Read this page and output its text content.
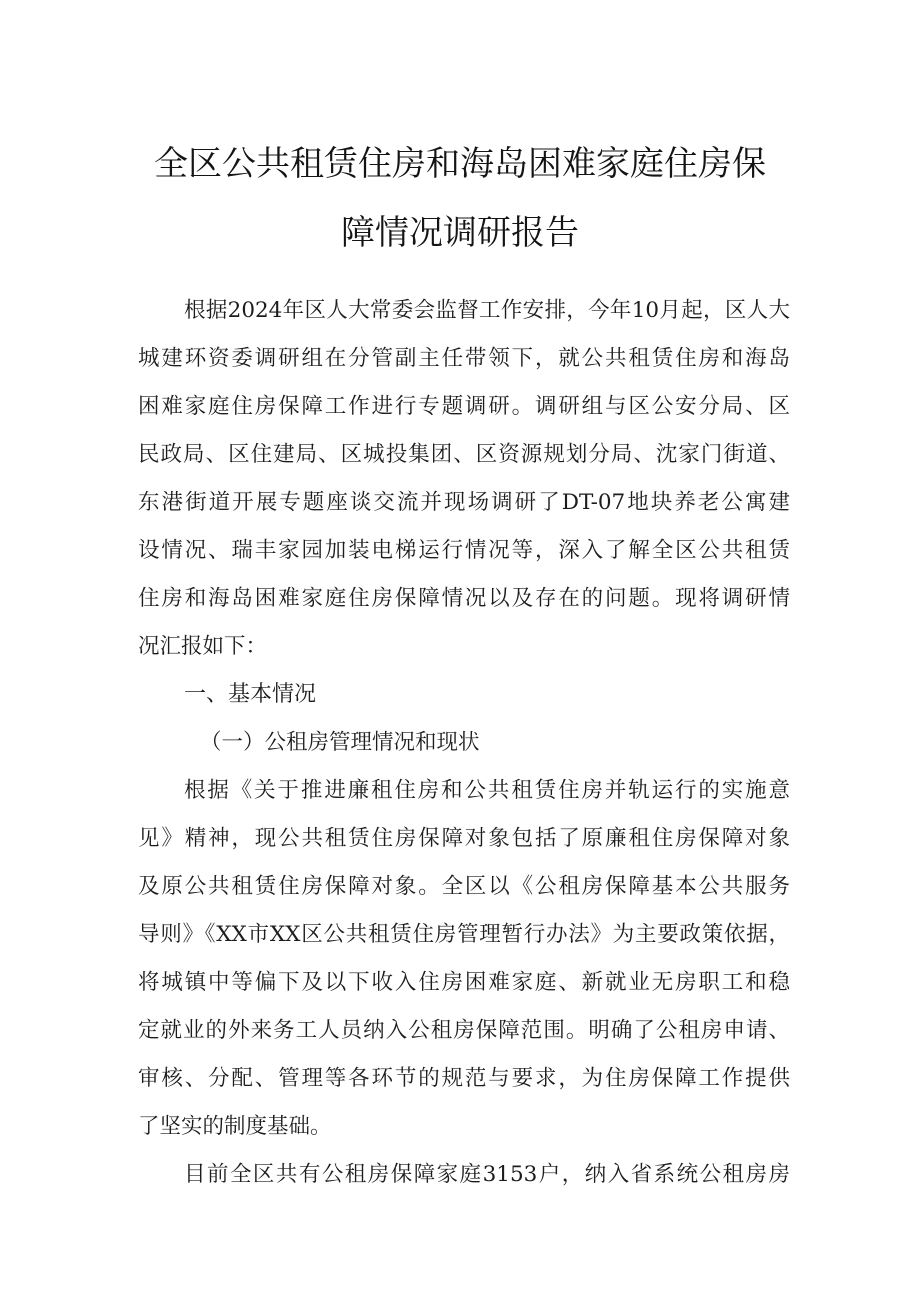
全区公共租赁住房和海岛困难家庭住房保
障情况调研报告
根据2024年区人大常委会监督工作安排，今年10月起，区人大
城建环资委调研组在分管副主任带领下，就公共租赁住房和海岛
困难家庭住房保障工作进行专题调研。调研组与区公安分局、区
民政局、区住建局、区城投集团、区资源规划分局、沈家门街道、
东港街道开展专题座谈交流并现场调研了DT-07地块养老公寓建
设情况、瑞丰家园加装电梯运行情况等，深入了解全区公共租赁
住房和海岛困难家庭住房保障情况以及存在的问题。现将调研情
况汇报如下：
一、基本情况
（一）公租房管理情况和现状
根据《关于推进廉租住房和公共租赁住房并轨运行的实施意
见》精神，现公共租赁住房保障对象包括了原廉租住房保障对象
及原公共租赁住房保障对象。全区以《公租房保障基本公共服务
导则》《XX市XX区公共租赁住房管理暂行办法》为主要政策依据，
将城镇中等偏下及以下收入住房困难家庭、新就业无房职工和稳
定就业的外来务工人员纳入公租房保障范围。明确了公租房申请、
审核、分配、管理等各环节的规范与要求，为住房保障工作提供
了坚实的制度基础。
目前全区共有公租房保障家庭3153户，纳入省系统公租房房
